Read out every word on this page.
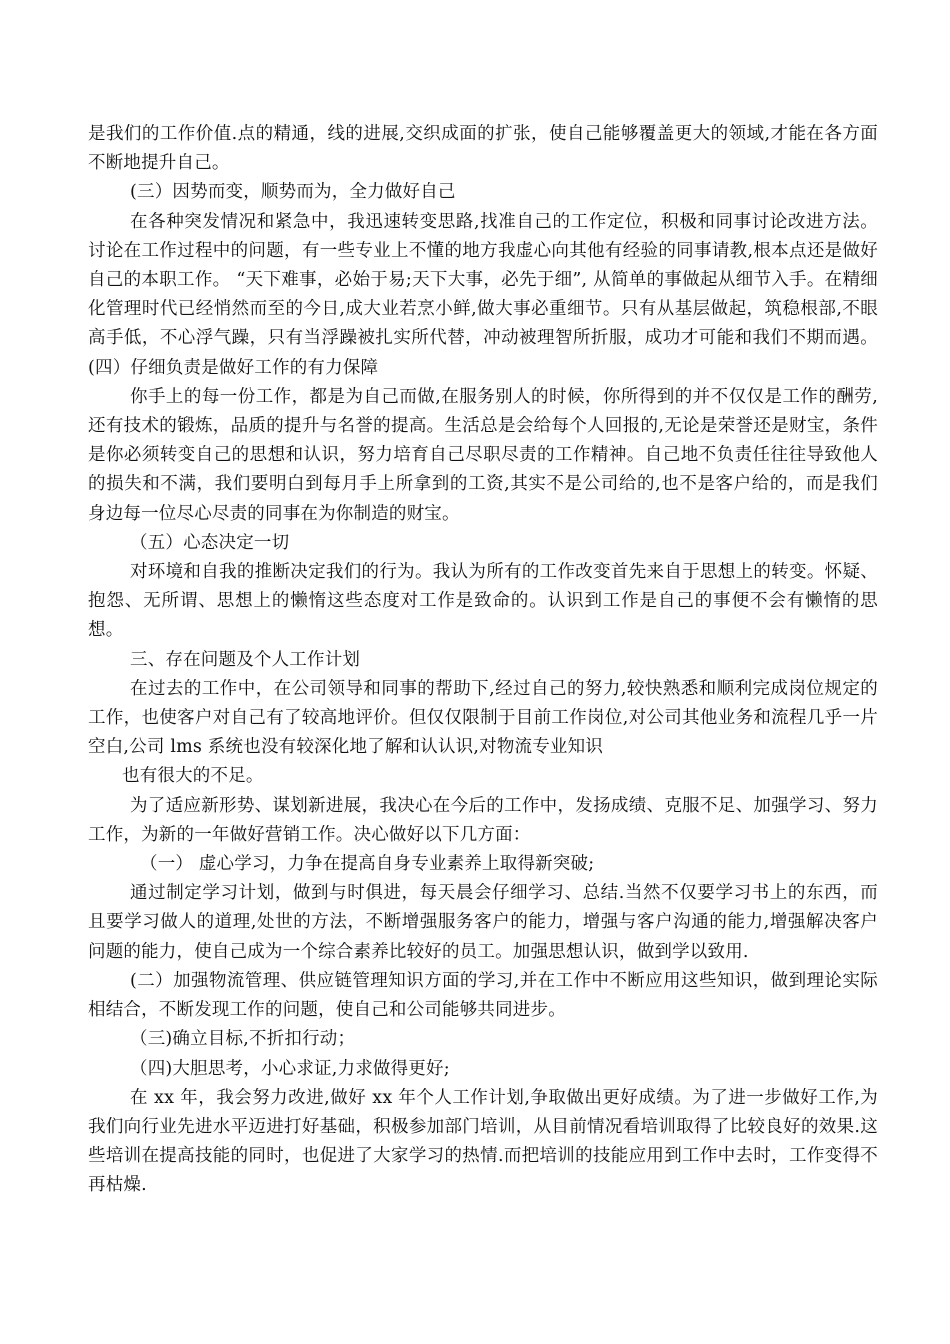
是我们的工作价值.点的精通，线的进展,交织成面的扩张，使自己能够覆盖更大的领域,才能在各方面不断地提升自己。

(三）因势而变，顺势而为，全力做好自己

在各种突发情况和紧急中，我迅速转变思路,找准自己的工作定位，积极和同事讨论改进方法。讨论在工作过程中的问题，有一些专业上不懂的地方我虚心向其他有经验的同事请教,根本点还是做好自己的本职工作。 “天下难事，必始于易;天下大事，必先于细”, 从简单的事做起从细节入手。在精细化管理时代已经悄然而至的今日,成大业若烹小鲜,做大事必重细节。只有从基层做起，筑稳根部,不眼高手低，不心浮气躁，只有当浮躁被扎实所代替，冲动被理智所折服，成功才可能和我们不期而遇。(四）仔细负责是做好工作的有力保障

你手上的每一份工作，都是为自己而做,在服务别人的时候，你所得到的并不仅仅是工作的酬劳,还有技术的锻炼，品质的提升与名誉的提高。生活总是会给每个人回报的,无论是荣誉还是财宝，条件是你必须转变自己的思想和认识，努力培育自己尽职尽责的工作精神。自己地不负责任往往导致他人的损失和不满，我们要明白到每月手上所拿到的工资,其实不是公司给的,也不是客户给的，而是我们身边每一位尽心尽责的同事在为你制造的财宝。

（五）心态决定一切

对环境和自我的推断决定我们的行为。我认为所有的工作改变首先来自于思想上的转变。怀疑、抱怨、无所谓、思想上的懒惰这些态度对工作是致命的。认识到工作是自己的事便不会有懒惰的思想。

三、存在问题及个人工作计划

在过去的工作中，在公司领导和同事的帮助下,经过自己的努力,较快熟悉和顺利完成岗位规定的工作，也使客户对自己有了较高地评价。但仅仅限制于目前工作岗位,对公司其他业务和流程几乎一片空白,公司 lms 系统也没有较深化地了解和认认识,对物流专业知识

也有很大的不足。

为了适应新形势、谋划新进展，我决心在今后的工作中，发扬成绩、克服不足、加强学习、努力工作，为新的一年做好营销工作。决心做好以下几方面：

（一） 虚心学习，力争在提高自身专业素养上取得新突破;

通过制定学习计划，做到与时俱进，每天晨会仔细学习、总结.当然不仅要学习书上的东西，而且要学习做人的道理,处世的方法，不断增强服务客户的能力，增强与客户沟通的能力,增强解决客户问题的能力，使自己成为一个综合素养比较好的员工。加强思想认识，做到学以致用.

(二）加强物流管理、供应链管理知识方面的学习,并在工作中不断应用这些知识，做到理论实际相结合，不断发现工作的问题，使自己和公司能够共同进步。

（三)确立目标,不折扣行动；

（四)大胆思考，小心求证,力求做得更好;

在 xx 年，我会努力改进,做好 xx 年个人工作计划,争取做出更好成绩。为了进一步做好工作,为我们向行业先进水平迈进打好基础，积极参加部门培训，从目前情况看培训取得了比较良好的效果.这些培训在提高技能的同时，也促进了大家学习的热情.而把培训的技能应用到工作中去时，工作变得不再枯燥.
